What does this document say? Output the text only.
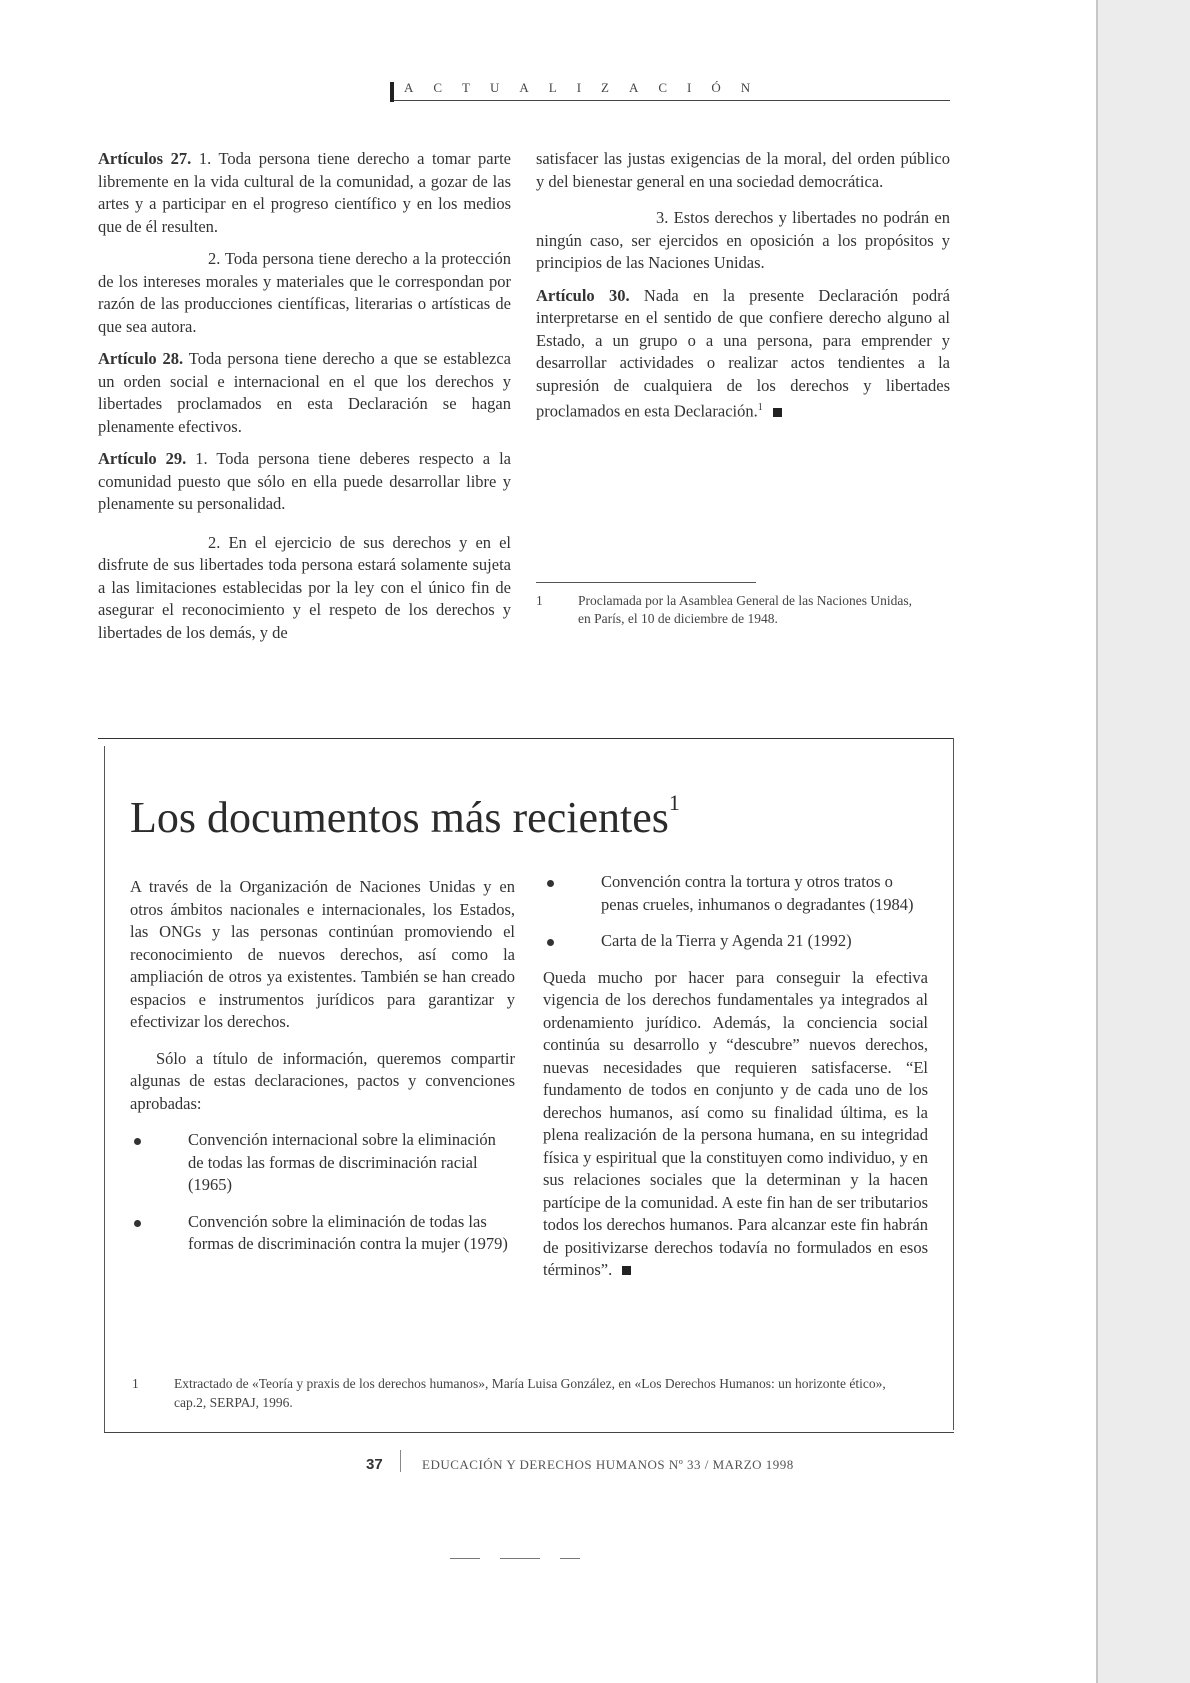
ACTUALIZACIÓN

Artículos 27. 1. Toda persona tiene derecho a tomar parte libremente en la vida cultural de la comunidad, a gozar de las artes y a participar en el progreso científico y en los medios que de él resulten.

2. Toda persona tiene derecho a la protección de los intereses morales y materiales que le correspondan por razón de las producciones científicas, literarias o artísticas de que sea autora.

Artículo 28. Toda persona tiene derecho a que se establezca un orden social e internacional en el que los derechos y libertades proclamados en esta Declaración se hagan plenamente efectivos.

Artículo 29. 1. Toda persona tiene deberes respecto a la comunidad puesto que sólo en ella puede desarrollar libre y plenamente su personalidad.

2. En el ejercicio de sus derechos y en el disfrute de sus libertades toda persona estará solamente sujeta a las limitaciones establecidas por la ley con el único fin de asegurar el reconocimiento y el respeto de los derechos y libertades de los demás, y de

satisfacer las justas exigencias de la moral, del orden público y del bienestar general en una sociedad democrática.

3. Estos derechos y libertades no podrán en ningún caso, ser ejercidos en oposición a los propósitos y principios de las Naciones Unidas.

Artículo 30. Nada en la presente Declaración podrá interpretarse en el sentido de que confiere derecho alguno al Estado, a un grupo o a una persona, para emprender y desarrollar actividades o realizar actos tendientes a la supresión de cualquiera de los derechos y libertades proclamados en esta Declaración.$^1$

1	Proclamada por la Asamblea General de las Naciones Unidas, en París, el 10 de diciembre de 1948.
Los documentos más recientes$^1$

A través de la Organización de Naciones Unidas y en otros ámbitos nacionales e internacionales, los Estados, las ONGs y las personas continúan promoviendo el reconocimiento de nuevos derechos, así como la ampliación de otros ya existentes. También se han creado espacios e instrumentos jurídicos para garantizar y efectivizar los derechos.

Sólo a título de información, queremos compartir algunas de estas declaraciones, pactos y convenciones aprobadas:

Convención internacional sobre la eliminación de todas las formas de discriminación racial (1965)
Convención sobre la eliminación de todas las formas de discriminación contra la mujer (1979)
Convención contra la tortura y otros tratos o penas crueles, inhumanos o degradantes (1984)
Carta de la Tierra y Agenda 21 (1992)

Queda mucho por hacer para conseguir la efectiva vigencia de los derechos fundamentales ya integrados al ordenamiento jurídico. Además, la conciencia social continúa su desarrollo y “descubre” nuevos derechos, nuevas necesidades que requieren satisfacerse. “El fundamento de todos en conjunto y de cada uno de los derechos humanos, así como su finalidad última, es la plena realización de la persona humana, en su integridad física y espiritual que la constituyen como individuo, y en sus relaciones sociales que la determinan y la hacen partícipe de la comunidad. A este fin han de ser tributarios todos los derechos humanos. Para alcanzar este fin habrán de positivizarse derechos todavía no formulados en esos términos”.

1	Extractado de «Teoría y praxis de los derechos humanos», María Luisa González, en «Los Derechos Humanos: un horizonte ético», cap.2, SERPAJ, 1996.
37	EDUCACIÓN Y DERECHOS HUMANOS Nº 33 / MARZO 1998
